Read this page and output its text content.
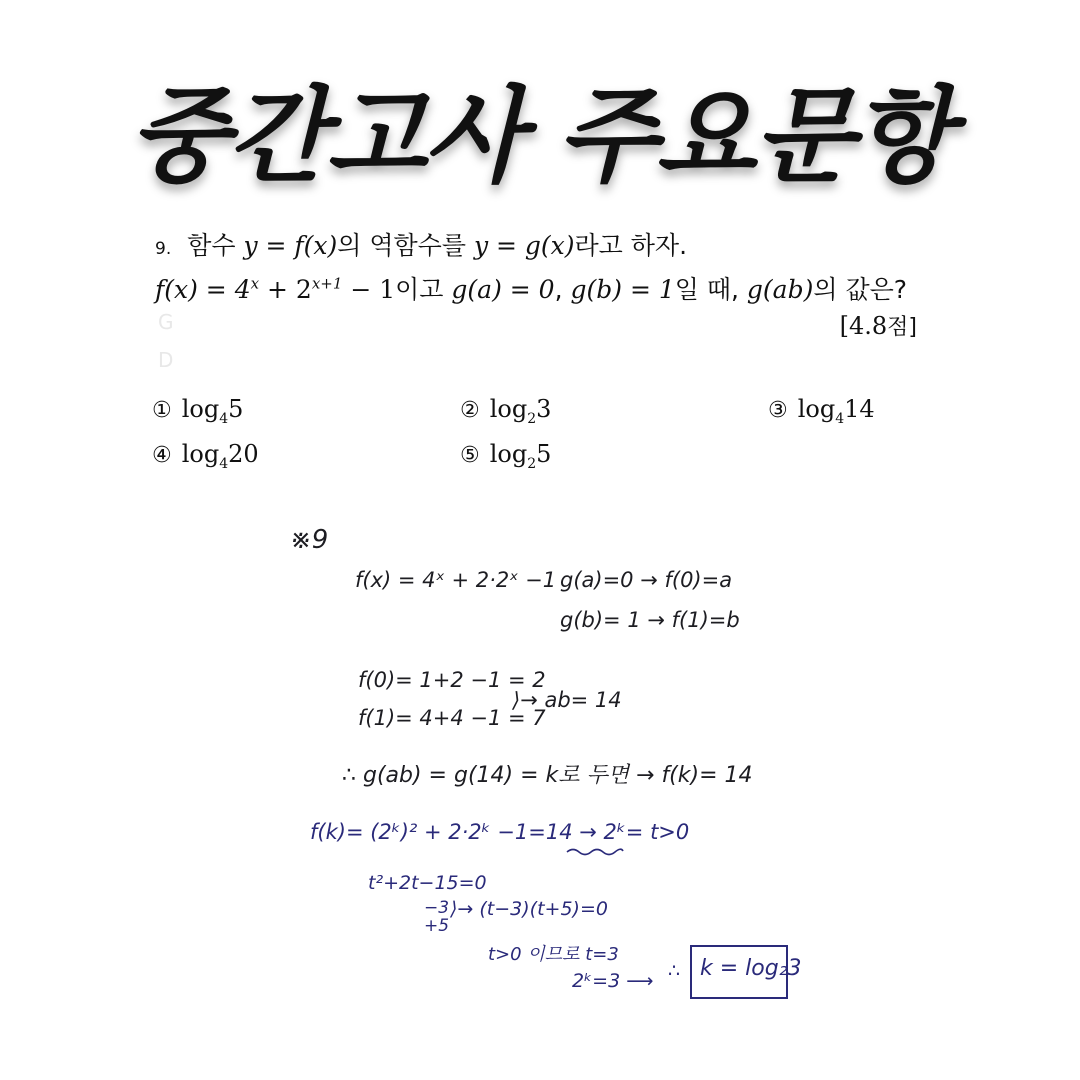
중간고사 주요문항
9. 함수 y = f(x)의 역함수를 y = g(x)라고 하자.
$f(x) = 4^x + 2^{x+1} - 1$이고 g(a) = 0, g(b) = 1일 때, g(ab)의 값은?
G
D
[4.8점]
① $\log_45$	② $\log_23$	③ $\log_414$
④ $\log_420$	⑤ $\log_25$
※9
f(x) = 4ˣ + 2·2ˣ −1 g(a)=0 → f(0)=a
g(b)= 1 → f(1)=b
f(0)= 1+2 −1 = 2
f(1)= 4+4 −1 = 7
⟩→ ab= 14
∴ g(ab) = g(14) = k로 두면 → f(k)= 14
f(k)= (2ᵏ)² + 2·2ᵏ −1=14 → 2ᵏ= t>0
t²+2t−15=0
−3
+5
⟩→ (t−3)(t+5)=0
t>0 이므로 t=3
2ᵏ=3 ⟶ ∴ k = log₂3
